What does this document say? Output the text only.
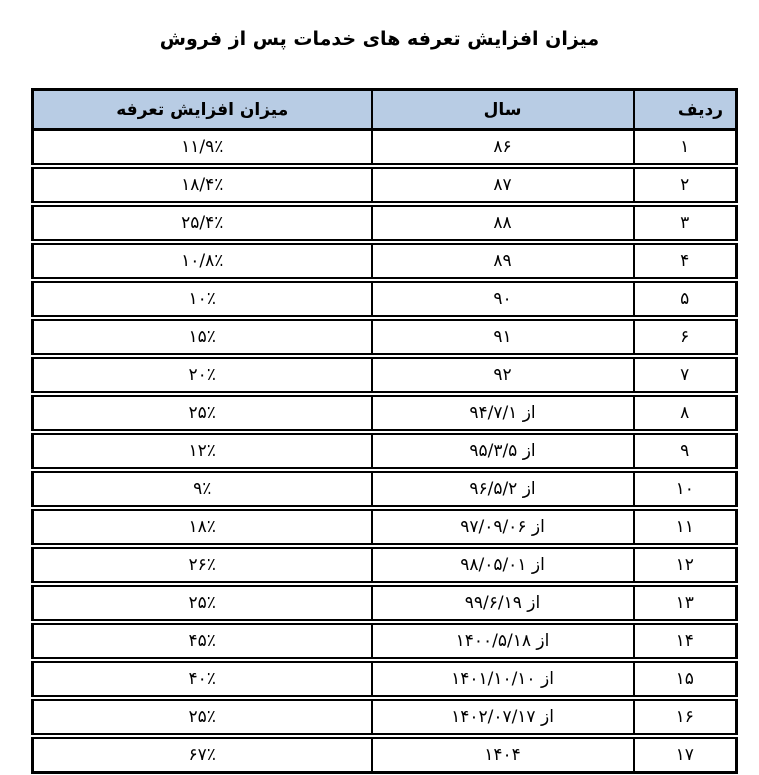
میزان افزایش تعرفه های خدمات پس از فروش
ردیف	سال	میزان افزایش تعرفه
۱	۸۶	۱۱/۹٪
۲	۸۷	۱۸/۴٪
۳	۸۸	۲۵/۴٪
۴	۸۹	۱۰/۸٪
۵	۹۰	۱۰٪
۶	۹۱	۱۵٪
۷	۹۲	۲۰٪
۸	از ۹۴/۷/۱	۲۵٪
۹	از ۹۵/۳/۵	۱۲٪
۱۰	از ۹۶/۵/۲	۹٪
۱۱	از ۹۷/۰۹/۰۶	۱۸٪
۱۲	از ۹۸/۰۵/۰۱	۲۶٪
۱۳	از ۹۹/۶/۱۹	۲۵٪
۱۴	از ۱۴۰۰/۵/۱۸	۴۵٪
۱۵	از ۱۴۰۱/۱۰/۱۰	۴۰٪
۱۶	از ۱۴۰۲/۰۷/۱۷	۲۵٪
۱۷	۱۴۰۴	۶۷٪
